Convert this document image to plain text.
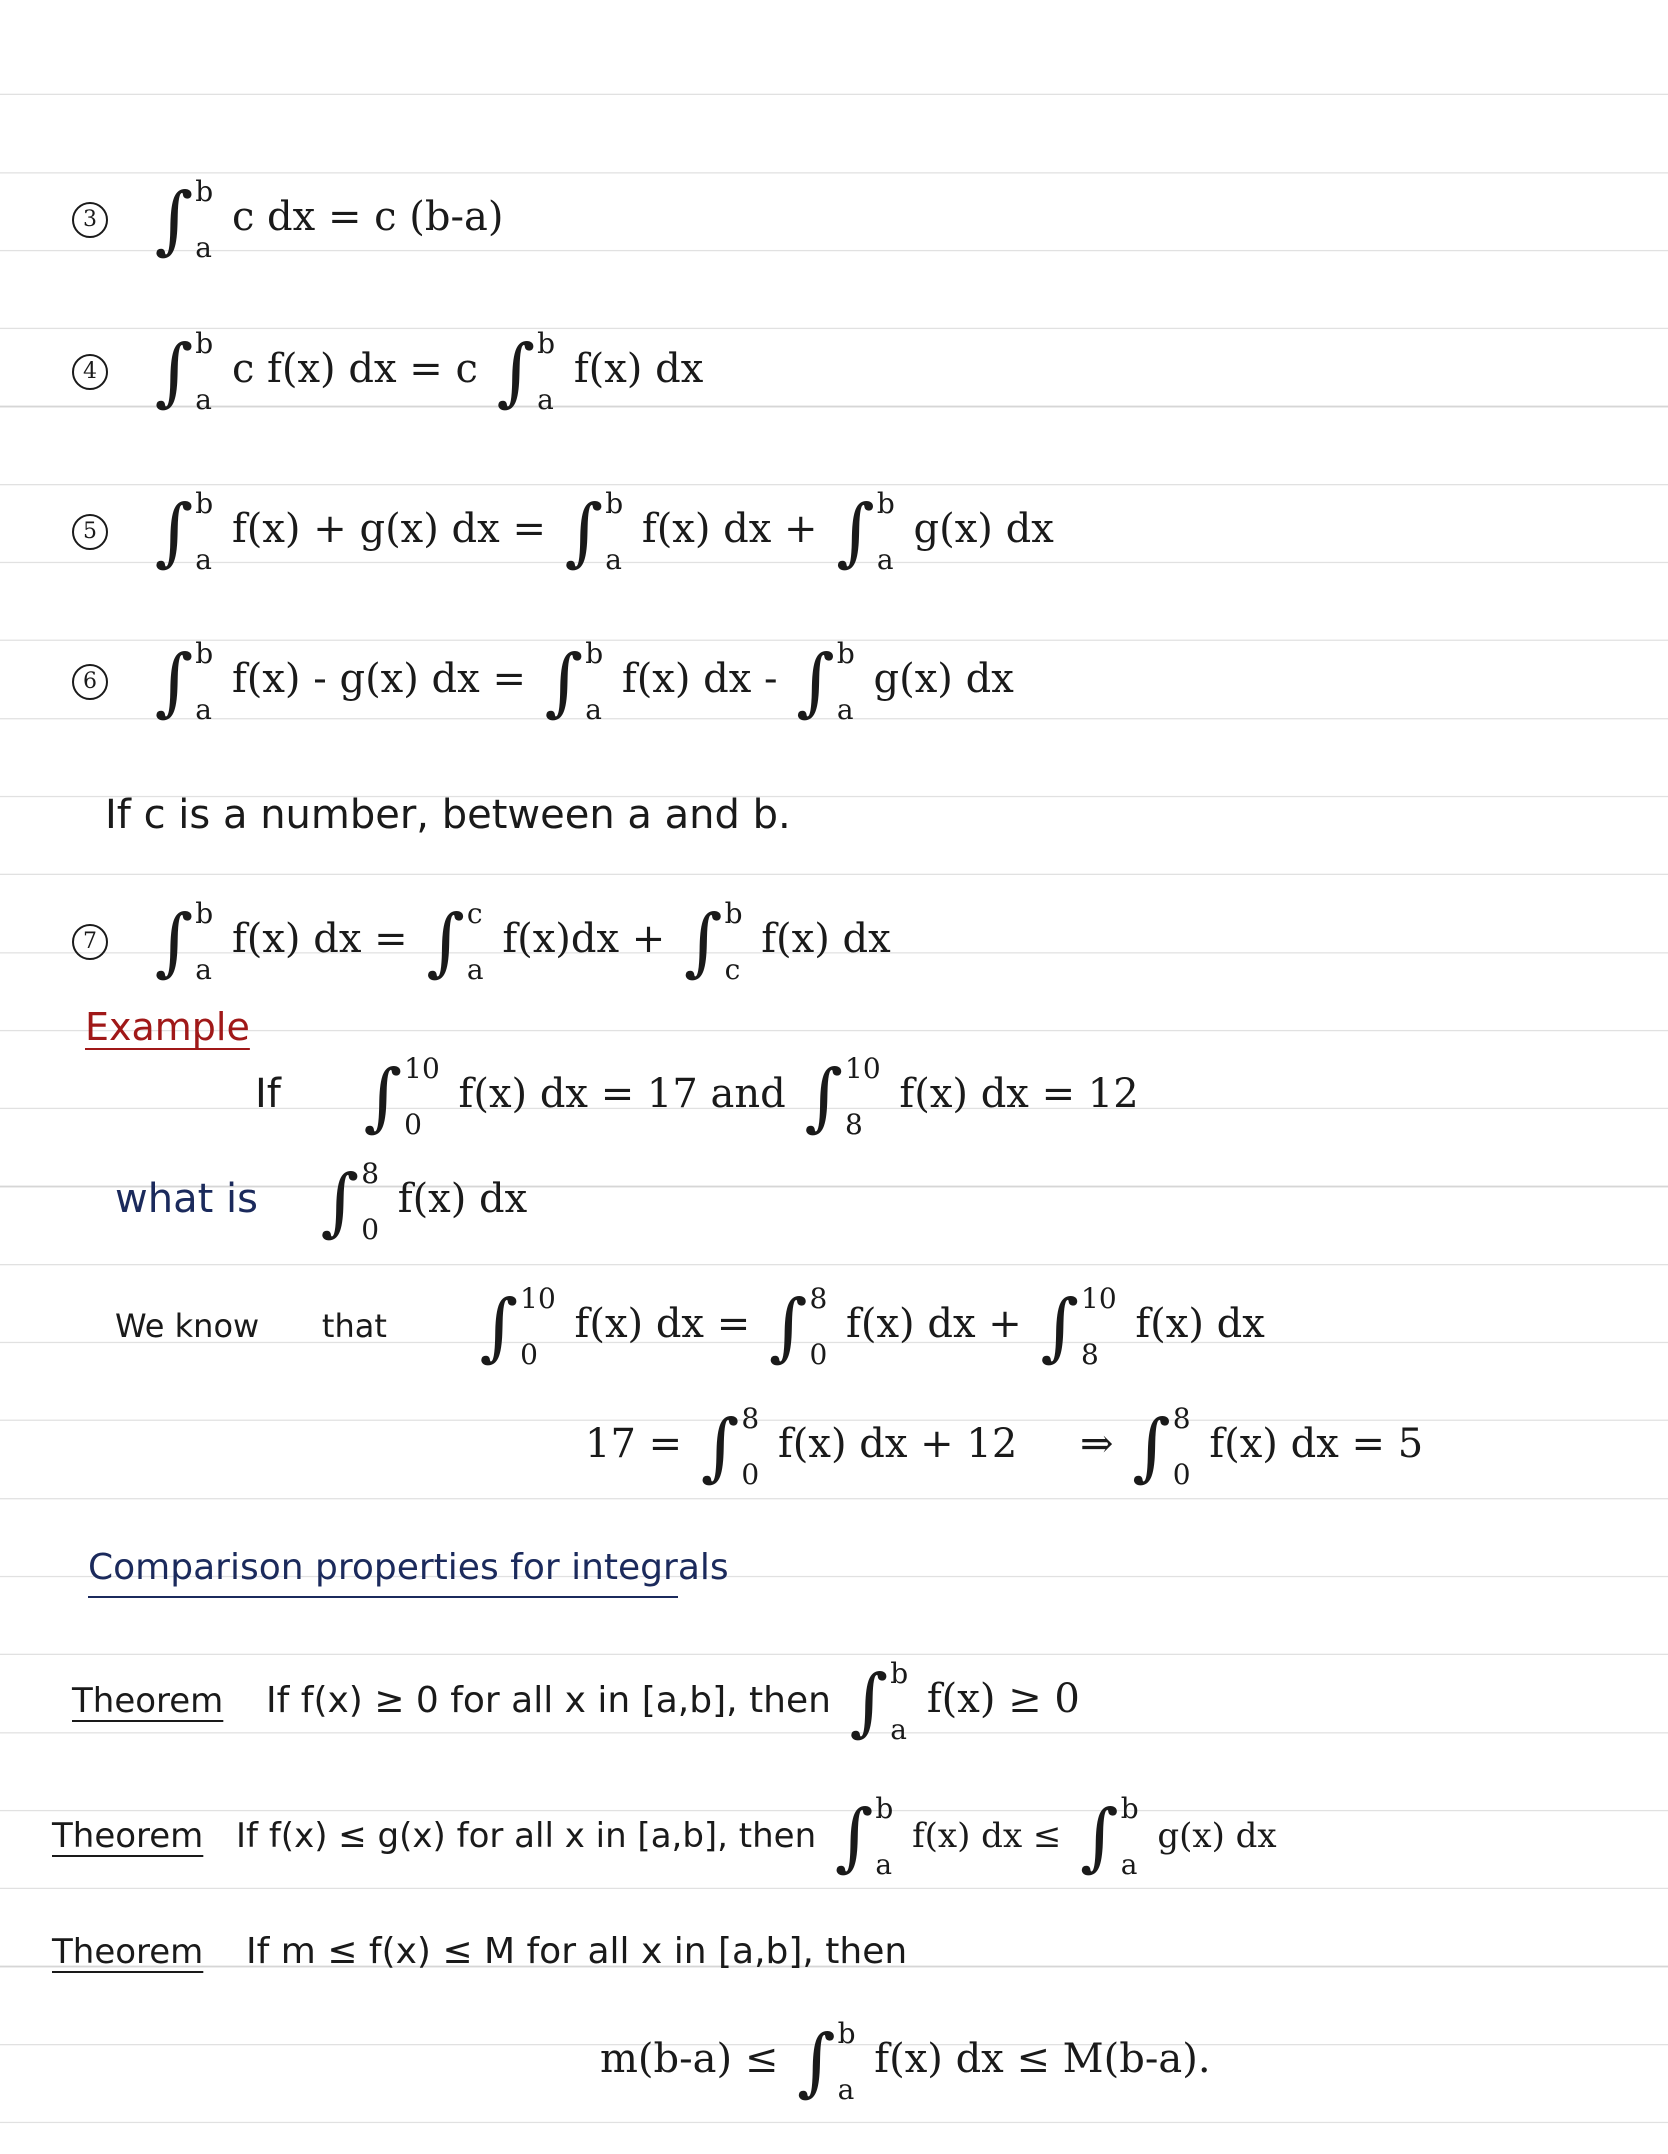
3 ∫ b
a
c dx = c (b-a)
4 ∫ b
a
c f(x) dx = c ∫ b
a
f(x) dx
5 ∫ b
a
f(x) + g(x) dx = ∫ b
a
f(x) dx + ∫ b
a
g(x) dx
6 ∫ b
a
f(x) - g(x) dx = ∫ b
a
f(x) dx - ∫ b
a
g(x) dx
If c is a number, between a and b.
7 ∫ b
a
f(x) dx = ∫ c
a
f(x)dx + ∫ b
c
f(x) dx
Example
If ∫ 10
0
f(x) dx = 17 and ∫ 10
8
f(x) dx = 12
what is ∫ 8
0
f(x) dx
We know that ∫ 10
0
f(x) dx = ∫ 8
0
f(x) dx + ∫ 10
8
f(x) dx
17 = ∫ 8
0
f(x) dx + 12 ⇒ ∫ 8
0
f(x) dx = 5
Comparison properties for integrals
Theorem If f(x) ≥ 0 for all x in [a,b], then ∫ b
a
f(x) ≥ 0
Theorem If f(x) ≤ g(x) for all x in [a,b], then ∫ b
a
f(x) dx ≤ ∫ b
a
g(x) dx
Theorem If m ≤ f(x) ≤ M for all x in [a,b], then
m(b-a) ≤ ∫ b
a
f(x) dx ≤ M(b-a).
